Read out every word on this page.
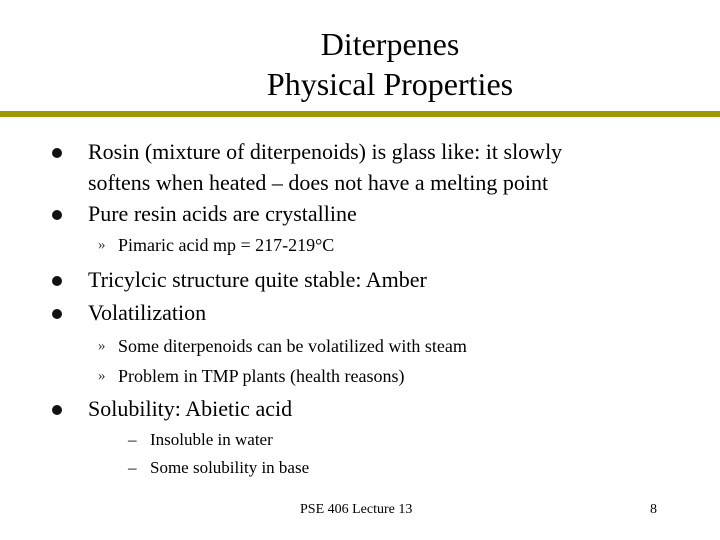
Diterpenes
Physical Properties
Rosin (mixture of diterpenoids) is glass like: it slowly
softens when heated – does not have a melting point
Pure resin acids are crystalline
» Pimaric acid mp = 217-219°C
Tricylcic structure quite stable: Amber
Volatilization
» Some diterpenoids can be volatilized with steam
» Problem in TMP plants (health reasons)
Solubility: Abietic acid
– Insoluble in water
– Some solubility in base
PSE 406 Lecture 13	8
